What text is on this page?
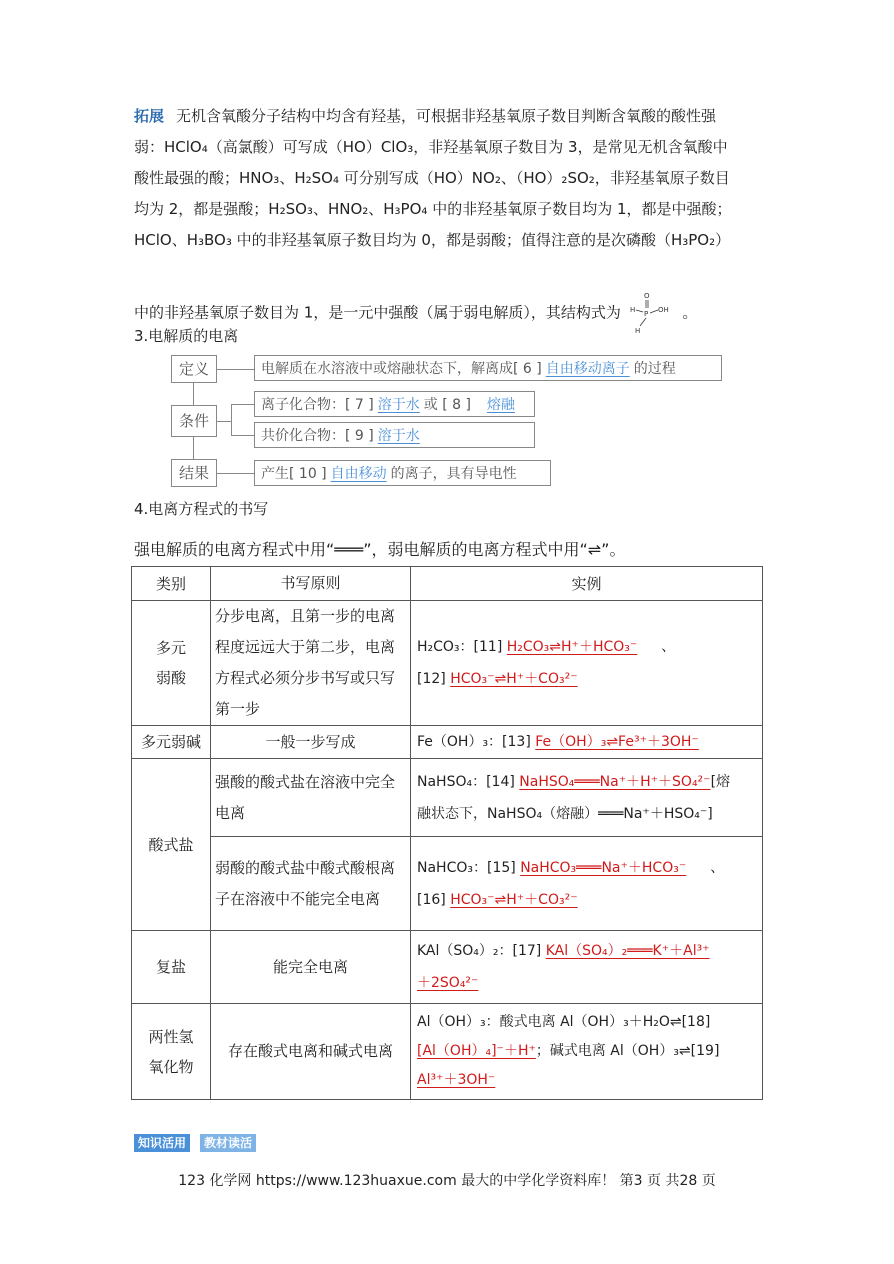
拓展 无机含氧酸分子结构中均含有羟基，可根据非羟基氧原子数目判断含氧酸的酸性强
弱：HClO₄（高氯酸）可写成（HO）ClO₃，非羟基氧原子数目为 3，是常见无机含氧酸中
酸性最强的酸；HNO₃、H₂SO₄ 可分别写成（HO）NO₂、（HO）₂SO₂，非羟基氧原子数目
均为 2，都是强酸；H₂SO₃、HNO₂、H₃PO₄ 中的非羟基氧原子数目均为 1，都是中强酸；
HClO、H₃BO₃ 中的非羟基氧原子数目均为 0，都是弱酸；值得注意的是次磷酸（H₃PO₂）
中的非羟基氧原子数目为 1，是一元中强酸（属于弱电解质），其结构式为
O
H P OH
H
。
3.电解质的电离
定义
条件
结果
电解质在水溶液中或熔融状态下，解离成[ 6 ] 自由移动离子 的过程
离子化合物：[ 7 ] 溶于水 或 [ 8 ] 熔融
共价化合物：[ 9 ] 溶于水
产生[ 10 ] 自由移动 的离子，具有导电性
4.电离方程式的书写
强电解质的电离方程式中用“═══”，弱电解质的电离方程式中用“⇌”。
类别	书写原则	实例

多元弱酸	分步电离，且第一步的电离程度远远大于第二步，电离方程式必须分步书写或只写第一步	H₂CO₃：[11] H₂CO₃⇌H⁺＋HCO₃⁻ 、
[12] HCO₃⁻⇌H⁺＋CO₃²⁻

多元弱碱	一般一步写成	Fe（OH）₃：[13] Fe（OH）₃⇌Fe³⁺＋3OH⁻
酸式盐	强酸的酸式盐在溶液中完全电离	NaHSO₄：[14] NaHSO₄═══Na⁺＋H⁺＋SO₄²⁻[熔
融状态下，NaHSO₄（熔融）═══Na⁺＋HSO₄⁻]

	弱酸的酸式盐中酸式酸根离子在溶液中不能完全电离	NaHCO₃：[15] NaHCO₃═══Na⁺＋HCO₃⁻ 、
[16] HCO₃⁻⇌H⁺＋CO₃²⁻

复盐	能完全电离	KAl（SO₄）₂：[17] KAl（SO₄）₂═══K⁺＋Al³⁺
＋2SO₄²⁻

两性氢氧化物	存在酸式电离和碱式电离	Al（OH）₃：酸式电离 Al（OH）₃＋H₂O⇌[18]
[Al（OH）₄]⁻＋H⁺；碱式电离 Al（OH）₃⇌[19]
Al³⁺＋3OH⁻
知识活用	教材读活
123 化学网 https://www.123huaxue.com 最大的中学化学资料库！ 第3 页 共28 页
